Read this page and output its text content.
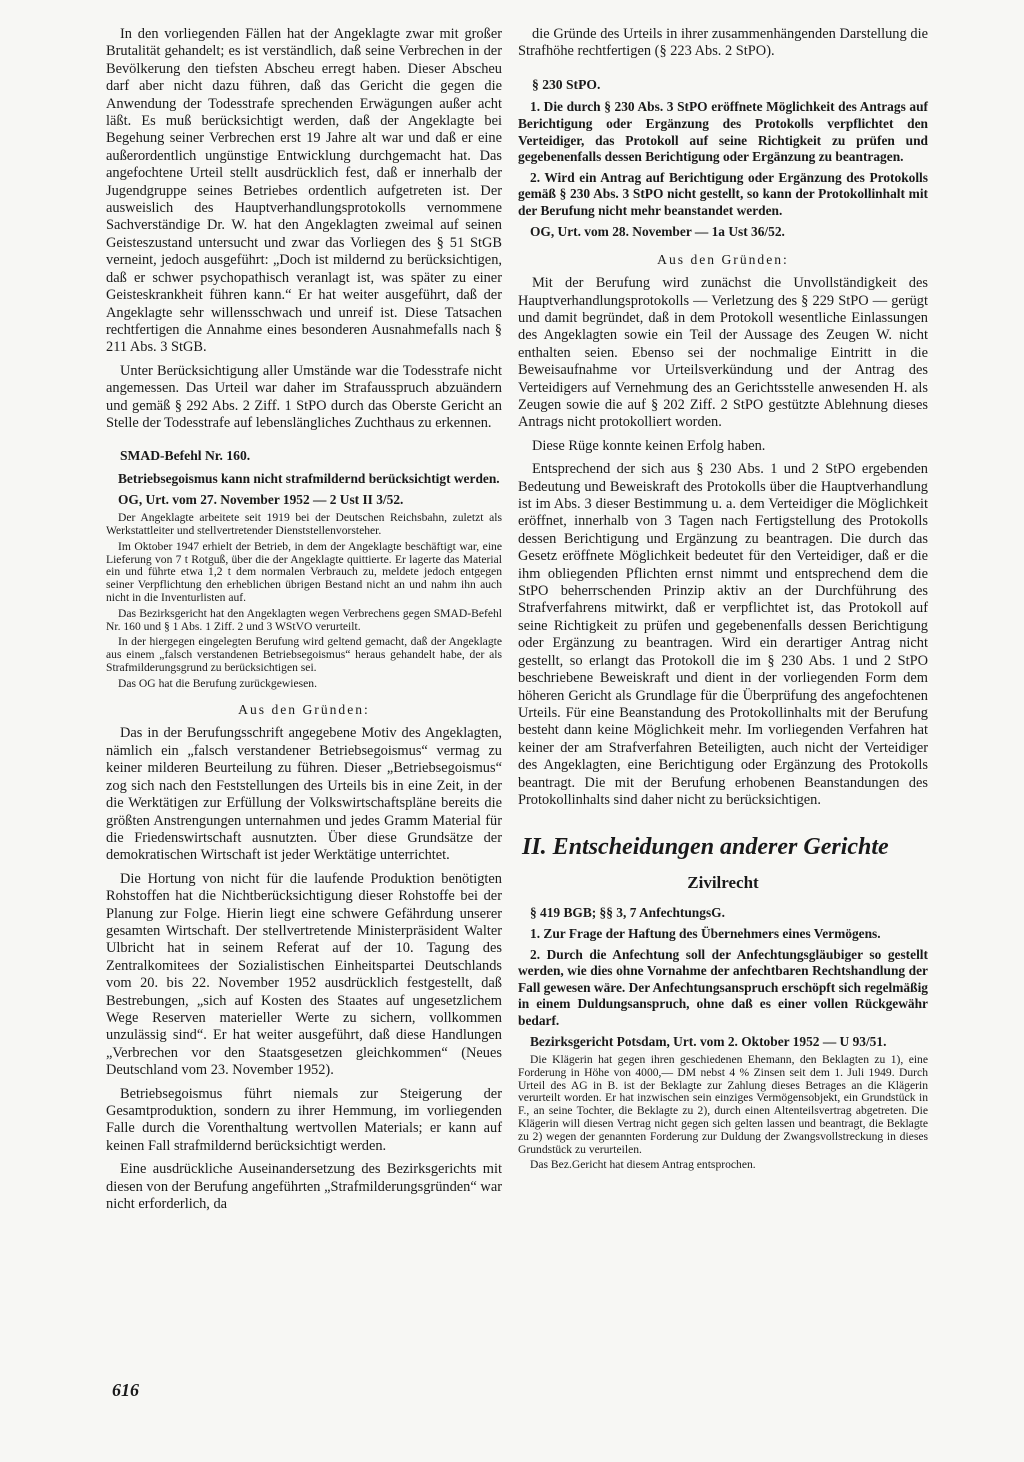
In den vorliegenden Fällen hat der Angeklagte zwar mit großer Brutalität gehandelt; es ist verständlich, daß seine Verbrechen in der Bevölkerung den tiefsten Abscheu erregt haben. Dieser Abscheu darf aber nicht dazu führen, daß das Gericht die gegen die Anwendung der Todesstrafe sprechenden Erwägungen außer acht läßt. Es muß berücksichtigt werden, daß der Angeklagte bei Begehung seiner Verbrechen erst 19 Jahre alt war und daß er eine außerordentlich ungünstige Entwicklung durchgemacht hat. Das angefochtene Urteil stellt ausdrücklich fest, daß er innerhalb der Jugendgruppe seines Betriebes ordentlich aufgetreten ist. Der ausweislich des Hauptverhandlungsprotokolls vernommene Sachverständige Dr. W. hat den Angeklagten zweimal auf seinen Geisteszustand untersucht und zwar das Vorliegen des § 51 StGB verneint, jedoch ausgeführt: „Doch ist mildernd zu berücksichtigen, daß er schwer psychopathisch veranlagt ist, was später zu einer Geisteskrankheit führen kann.“ Er hat weiter ausgeführt, daß der Angeklagte sehr willensschwach und unreif ist. Diese Tatsachen rechtfertigen die Annahme eines besonderen Ausnahmefalls nach § 211 Abs. 3 StGB.

Unter Berücksichtigung aller Umstände war die Todesstrafe nicht angemessen. Das Urteil war daher im Strafausspruch abzuändern und gemäß § 292 Abs. 2 Ziff. 1 StPO durch das Oberste Gericht an Stelle der Todesstrafe auf lebenslängliches Zuchthaus zu erkennen.

SMAD-Befehl Nr. 160.

Betriebsegoismus kann nicht strafmildernd berücksichtigt werden.

OG, Urt. vom 27. November 1952 — 2 Ust II 3/52.

Der Angeklagte arbeitete seit 1919 bei der Deutschen Reichsbahn, zuletzt als Werkstattleiter und stellvertretender Dienststellenvorsteher.

Im Oktober 1947 erhielt der Betrieb, in dem der Angeklagte beschäftigt war, eine Lieferung von 7 t Rotguß, über die der Angeklagte quittierte. Er lagerte das Material ein und führte etwa 1,2 t dem normalen Verbrauch zu, meldete jedoch entgegen seiner Verpflichtung den erheblichen übrigen Bestand nicht an und nahm ihn auch nicht in die Inventurlisten auf.

Das Bezirksgericht hat den Angeklagten wegen Verbrechens gegen SMAD-Befehl Nr. 160 und § 1 Abs. 1 Ziff. 2 und 3 WStVO verurteilt.

In der hiergegen eingelegten Berufung wird geltend gemacht, daß der Angeklagte aus einem „falsch verstandenen Betriebsegoismus“ heraus gehandelt habe, der als Strafmilderungsgrund zu berücksichtigen sei.

Das OG hat die Berufung zurückgewiesen.

Aus den Gründen:

Das in der Berufungsschrift angegebene Motiv des Angeklagten, nämlich ein „falsch verstandener Betriebsegoismus“ vermag zu keiner milderen Beurteilung zu führen. Dieser „Betriebsegoismus“ zog sich nach den Feststellungen des Urteils bis in eine Zeit, in der die Werktätigen zur Erfüllung der Volkswirtschaftspläne bereits die größten Anstrengungen unternahmen und jedes Gramm Material für die Friedenswirtschaft ausnutzten. Über diese Grundsätze der demokratischen Wirtschaft ist jeder Werktätige unterrichtet.

Die Hortung von nicht für die laufende Produktion benötigten Rohstoffen hat die Nichtberücksichtigung dieser Rohstoffe bei der Planung zur Folge. Hierin liegt eine schwere Gefährdung unserer gesamten Wirtschaft. Der stellvertretende Ministerpräsident Walter Ulbricht hat in seinem Referat auf der 10. Tagung des Zentralkomitees der Sozialistischen Einheitspartei Deutschlands vom 20. bis 22. November 1952 ausdrücklich festgestellt, daß Bestrebungen, „sich auf Kosten des Staates auf ungesetzlichem Wege Reserven materieller Werte zu sichern, vollkommen unzulässig sind“. Er hat weiter ausgeführt, daß diese Handlungen „Verbrechen vor den Staatsgesetzen gleichkommen“ (Neues Deutschland vom 23. November 1952).

Betriebsegoismus führt niemals zur Steigerung der Gesamtproduktion, sondern zu ihrer Hemmung, im vorliegenden Falle durch die Vorenthaltung wertvollen Materials; er kann auf keinen Fall strafmildernd berücksichtigt werden.

Eine ausdrückliche Auseinandersetzung des Bezirksgerichts mit diesen von der Berufung angeführten „Strafmilderungsgründen“ war nicht erforderlich, da

die Gründe des Urteils in ihrer zusammenhängenden Darstellung die Strafhöhe rechtfertigen (§ 223 Abs. 2 StPO).

§ 230 StPO.

1. Die durch § 230 Abs. 3 StPO eröffnete Möglichkeit des Antrags auf Berichtigung oder Ergänzung des Protokolls verpflichtet den Verteidiger, das Protokoll auf seine Richtigkeit zu prüfen und gegebenenfalls dessen Berichtigung oder Ergänzung zu beantragen.

2. Wird ein Antrag auf Berichtigung oder Ergänzung des Protokolls gemäß § 230 Abs. 3 StPO nicht gestellt, so kann der Protokollinhalt mit der Berufung nicht mehr beanstandet werden.

OG, Urt. vom 28. November — 1a Ust 36/52.

Aus den Gründen:

Mit der Berufung wird zunächst die Unvollständigkeit des Hauptverhandlungsprotokolls — Verletzung des § 229 StPO — gerügt und damit begründet, daß in dem Protokoll wesentliche Einlassungen des Angeklagten sowie ein Teil der Aussage des Zeugen W. nicht enthalten seien. Ebenso sei der nochmalige Eintritt in die Beweisaufnahme vor Urteilsverkündung und der Antrag des Verteidigers auf Vernehmung des an Gerichtsstelle anwesenden H. als Zeugen sowie die auf § 202 Ziff. 2 StPO gestützte Ablehnung dieses Antrags nicht protokolliert worden.

Diese Rüge konnte keinen Erfolg haben.

Entsprechend der sich aus § 230 Abs. 1 und 2 StPO ergebenden Bedeutung und Beweiskraft des Protokolls über die Hauptverhandlung ist im Abs. 3 dieser Bestimmung u. a. dem Verteidiger die Möglichkeit eröffnet, innerhalb von 3 Tagen nach Fertigstellung des Protokolls dessen Berichtigung und Ergänzung zu beantragen. Die durch das Gesetz eröffnete Möglichkeit bedeutet für den Verteidiger, daß er die ihm obliegenden Pflichten ernst nimmt und entsprechend dem die StPO beherrschenden Prinzip aktiv an der Durchführung des Strafverfahrens mitwirkt, daß er verpflichtet ist, das Protokoll auf seine Richtigkeit zu prüfen und gegebenenfalls dessen Berichtigung oder Ergänzung zu beantragen. Wird ein derartiger Antrag nicht gestellt, so erlangt das Protokoll die im § 230 Abs. 1 und 2 StPO beschriebene Beweiskraft und dient in der vorliegenden Form dem höheren Gericht als Grundlage für die Überprüfung des angefochtenen Urteils. Für eine Beanstandung des Protokollinhalts mit der Berufung besteht dann keine Möglichkeit mehr. Im vorliegenden Verfahren hat keiner der am Strafverfahren Beteiligten, auch nicht der Verteidiger des Angeklagten, eine Berichtigung oder Ergänzung des Protokolls beantragt. Die mit der Berufung erhobenen Beanstandungen des Protokollinhalts sind daher nicht zu berücksichtigen.

II. Entscheidungen anderer Gerichte
Zivilrecht

§ 419 BGB; §§ 3, 7 AnfechtungsG.

1. Zur Frage der Haftung des Übernehmers eines Vermögens.

2. Durch die Anfechtung soll der Anfechtungsgläubiger so gestellt werden, wie dies ohne Vornahme der anfechtbaren Rechtshandlung der Fall gewesen wäre. Der Anfechtungsanspruch erschöpft sich regelmäßig in einem Duldungsanspruch, ohne daß es einer vollen Rückgewähr bedarf.

Bezirksgericht Potsdam, Urt. vom 2. Oktober 1952 — U 93/51.

Die Klägerin hat gegen ihren geschiedenen Ehemann, den Beklagten zu 1), eine Forderung in Höhe von 4000,— DM nebst 4 % Zinsen seit dem 1. Juli 1949. Durch Urteil des AG in B. ist der Beklagte zur Zahlung dieses Betrages an die Klägerin verurteilt worden. Er hat inzwischen sein einziges Vermögensobjekt, ein Grundstück in F., an seine Tochter, die Beklagte zu 2), durch einen Altenteilsvertrag abgetreten. Die Klägerin will diesen Vertrag nicht gegen sich gelten lassen und beantragt, die Beklagte zu 2) wegen der genannten Forderung zur Duldung der Zwangsvollstreckung in dieses Grundstück zu verurteilen.

Das Bez.Gericht hat diesem Antrag entsprochen.

616
